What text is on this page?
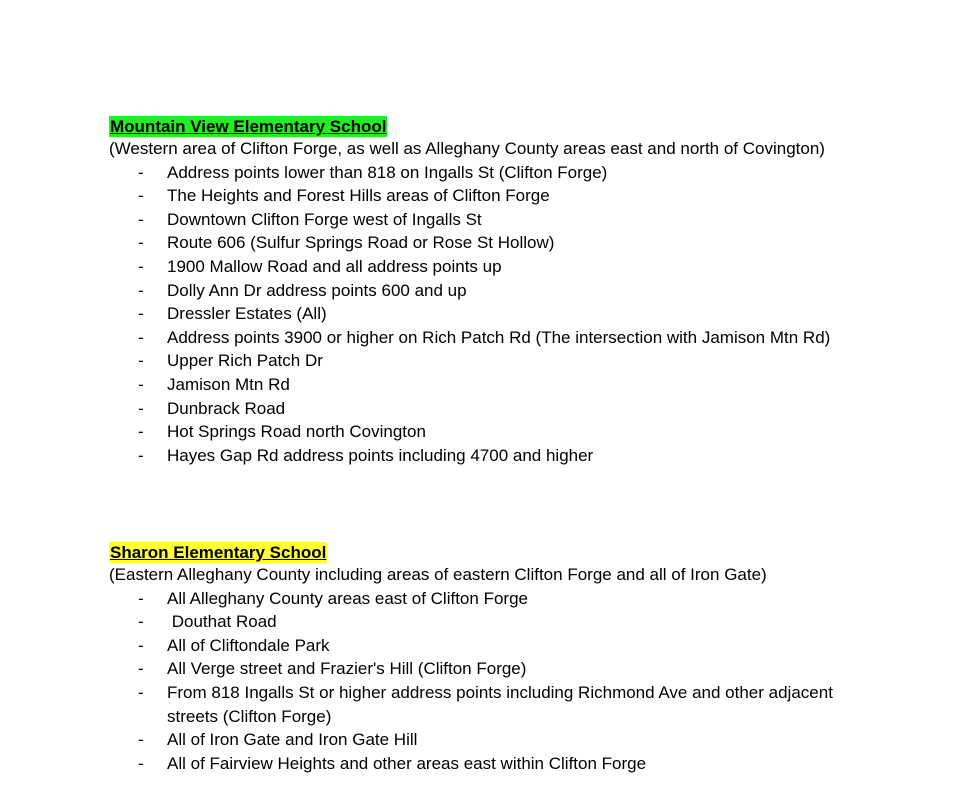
Mountain View Elementary School
(Western area of Clifton Forge, as well as Alleghany County areas east and north of Covington)
- Address points lower than 818 on Ingalls St (Clifton Forge)
- The Heights and Forest Hills areas of Clifton Forge
- Downtown Clifton Forge west of Ingalls St
- Route 606 (Sulfur Springs Road or Rose St Hollow)
- 1900 Mallow Road and all address points up
- Dolly Ann Dr address points 600 and up
- Dressler Estates (All)
- Address points 3900 or higher on Rich Patch Rd (The intersection with Jamison Mtn Rd)
- Upper Rich Patch Dr
- Jamison Mtn Rd
- Dunbrack Road
- Hot Springs Road north Covington
- Hayes Gap Rd address points including 4700 and higher
Sharon Elementary School
(Eastern Alleghany County including areas of eastern Clifton Forge and all of Iron Gate)
- All Alleghany County areas east of Clifton Forge
- Douthat Road
- All of Cliftondale Park
- All Verge street and Frazier's Hill (Clifton Forge)
- From 818 Ingalls St or higher address points including Richmond Ave and other adjacent streets (Clifton Forge)
- All of Iron Gate and Iron Gate Hill
- All of Fairview Heights and other areas east within Clifton Forge
